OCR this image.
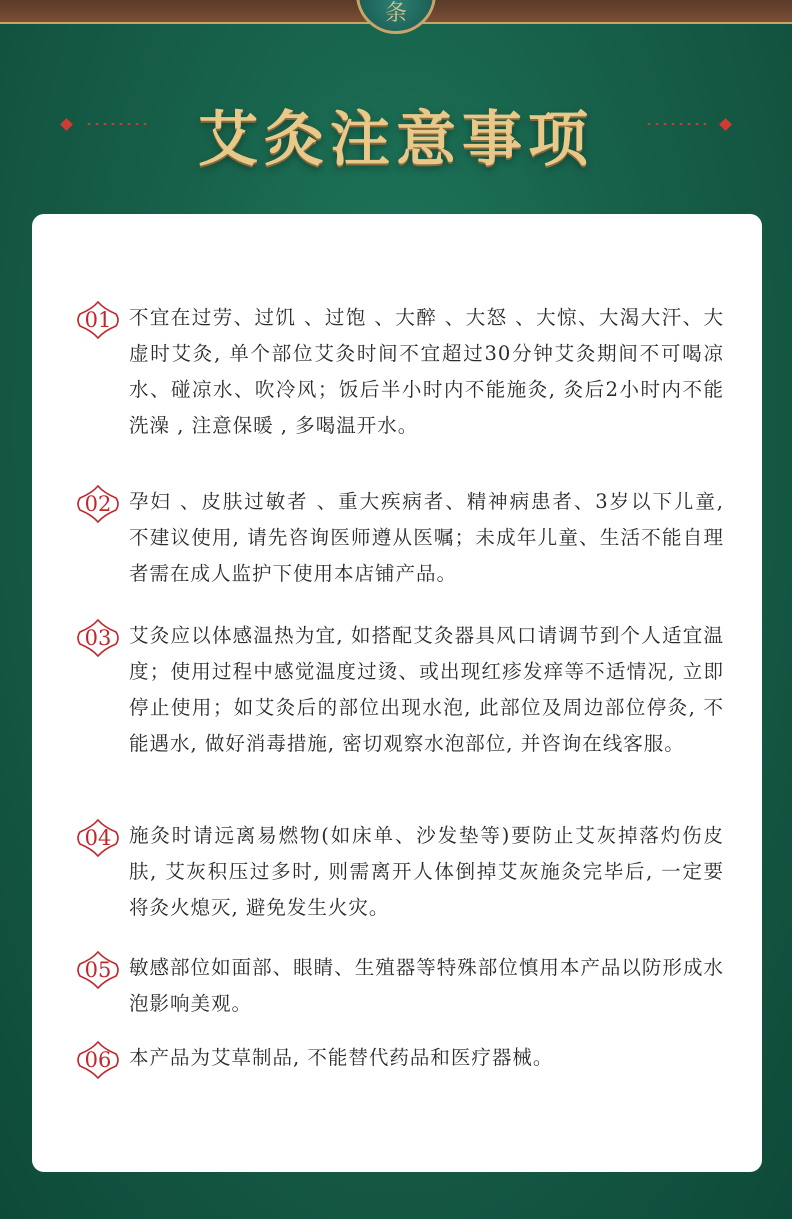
条
艾灸注意事项
01 不宜在过劳、过饥 、过饱 、大醉 、大怒 、大惊、大渴大汗、大虚时艾灸, 单个部位艾灸时间不宜超过30分钟艾灸期间不可喝凉水、碰凉水、吹冷风；饭后半小时内不能施灸, 灸后2小时内不能洗澡 , 注意保暖 , 多喝温开水。
02 孕妇 、皮肤过敏者 、重大疾病者、精神病患者、3岁以下儿童, 不建议使用, 请先咨询医师遵从医嘱；未成年儿童、生活不能自理者需在成人监护下使用本店铺产品。
03 艾灸应以体感温热为宜, 如搭配艾灸器具风口请调节到个人适宜温度；使用过程中感觉温度过烫、或出现红疹发痒等不适情况, 立即停止使用；如艾灸后的部位出现水泡, 此部位及周边部位停灸, 不能遇水, 做好消毒措施, 密切观察水泡部位, 并咨询在线客服。
04 施灸时请远离易燃物(如床单、沙发垫等)要防止艾灰掉落灼伤皮肤, 艾灰积压过多时, 则需离开人体倒掉艾灰施灸完毕后, 一定要将灸火熄灭, 避免发生火灾。
05 敏感部位如面部、眼睛、生殖器等特殊部位慎用本产品以防形成水泡影响美观。
06 本产品为艾草制品, 不能替代药品和医疗器械。
